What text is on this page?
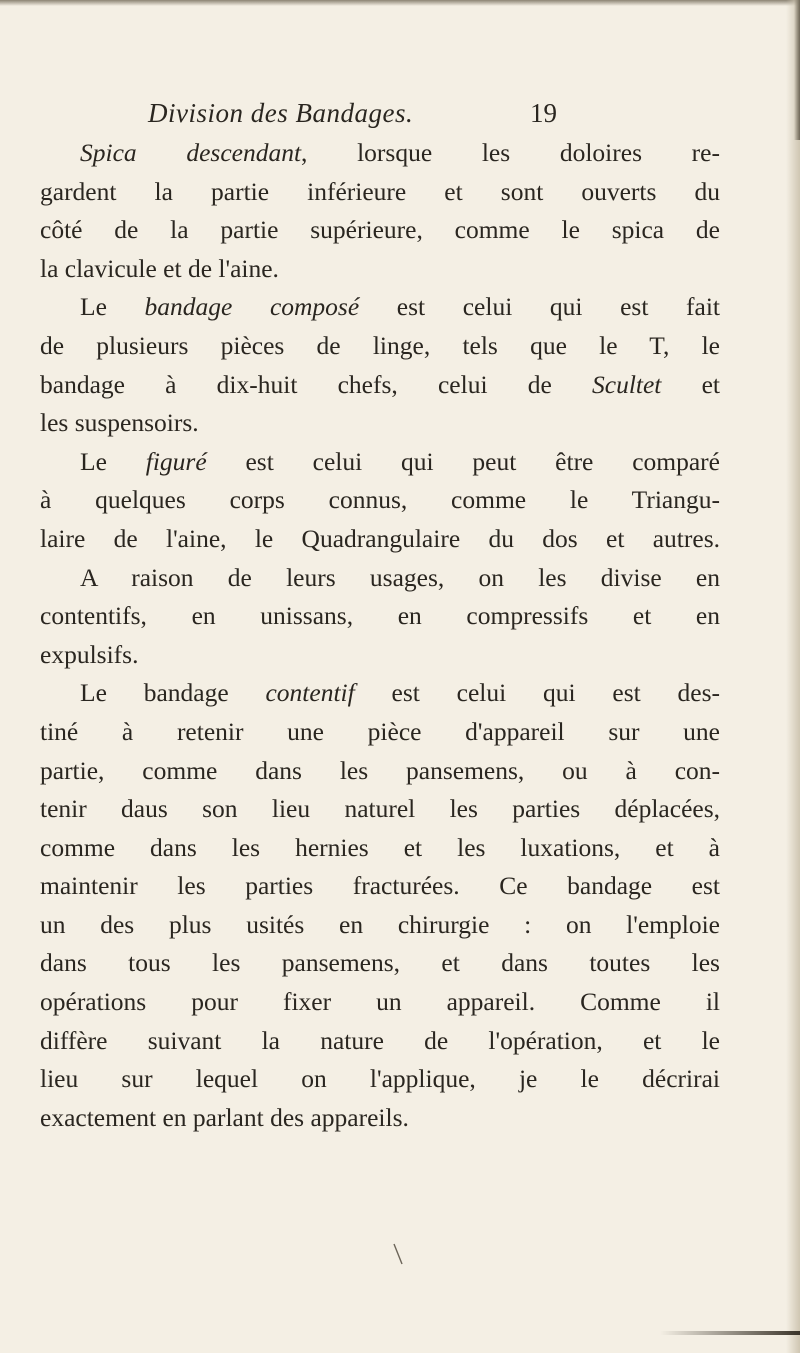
Division des Bandages.	19
Spica descendant, lorsque les doloires re-
gardent la partie inférieure et sont ouverts du
côté de la partie supérieure, comme le spica de
la clavicule et de l'aine.
Le bandage composé est celui qui est fait
de plusieurs pièces de linge, tels que le T, le
bandage à dix-huit chefs, celui de Scultet et
les suspensoirs.
Le figuré est celui qui peut être comparé
à quelques corps connus, comme le Triangu-
laire de l'aine, le Quadrangulaire du dos et autres.
A raison de leurs usages, on les divise en
contentifs, en unissans, en compressifs et en
expulsifs.
Le bandage contentif est celui qui est des-
tiné à retenir une pièce d'appareil sur une
partie, comme dans les pansemens, ou à con-
tenir daus son lieu naturel les parties déplacées,
comme dans les hernies et les luxations, et à
maintenir les parties fracturées. Ce bandage est
un des plus usités en chirurgie : on l'emploie
dans tous les pansemens, et dans toutes les
opérations pour fixer un appareil. Comme il
diffère suivant la nature de l'opération, et le
lieu sur lequel on l'applique, je le décrirai
exactement en parlant des appareils.
